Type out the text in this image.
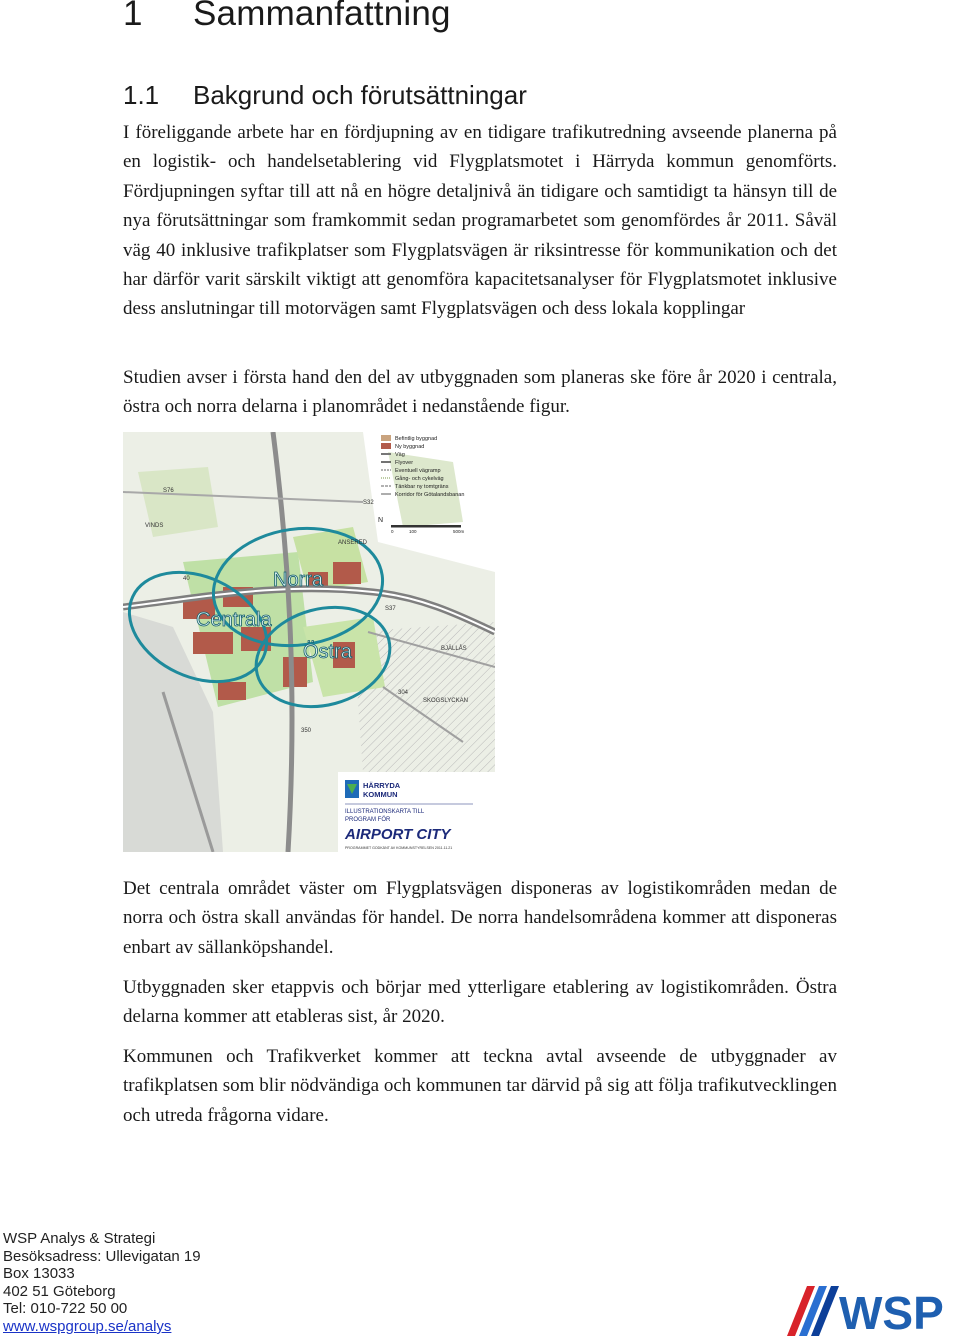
1 Sammanfattning
1.1 Bakgrund och förutsättningar

I föreliggande arbete har en fördjupning av en tidigare trafikutredning avseende planerna på en logistik- och handelsetablering vid Flygplatsmotet i Härryda kommun genomförts. Fördjupningen syftar till att nå en högre detaljnivå än tidigare och samtidigt ta hänsyn till de nya förutsättningar som framkommit sedan programarbetet som genomfördes år 2011. Såväl väg 40 inklusive trafikplatser som Flygplatsvägen är riksintresse för kommunikation och det har därför varit särskilt viktigt att genomföra kapacitetsanalyser för Flygplatsmotet inklusive dess anslutningar till motorvägen samt Flygplatsvägen och dess lokala kopplingar

Studien avser i första hand den del av utbyggnaden som planeras ske före år 2020 i centrala, östra och norra delarna i planområdet i nedanstående figur.

Norra
Centrala
Östra
VINDS
ANSERED
BJÄLLÅS
SKOGSLYCKAN
40
S37
S32
S76
304
350
Befintlig byggnad
Ny byggnad
Väg
Flyover
Eventuell vägramp
Gång- och cykelväg
Tänkbar ny tomtgräns
Korridor för Götalandsbanan
N
0	100	500m
HÄRRYDA
KOMMUN
ILLUSTRATIONSKARTA TILL
PROGRAM FÖR
AIRPORT CITY
PROGRAMMET GODKÄNT AV KOMMUNSTYRELSEN 2011.11.21

Det centrala området väster om Flygplatsvägen disponeras av logistikområden medan de norra och östra skall användas för handel. De norra handelsområdena kommer att disponeras enbart av sällanköpshandel.

Utbyggnaden sker etappvis och börjar med ytterligare etablering av logistikområden. Östra delarna kommer att etableras sist, år 2020.

Kommunen och Trafikverket kommer att teckna avtal avseende de utbyggnader av trafikplatsen som blir nödvändiga och kommunen tar därvid på sig att följa trafikutvecklingen och utreda frågorna vidare.

WSP Analys & Strategi
Besöksadress: Ullevigatan 19
Box 13033
402 51 Göteborg
Tel: 010-722 50 00
www.wspgroup.se/analys	WSP
